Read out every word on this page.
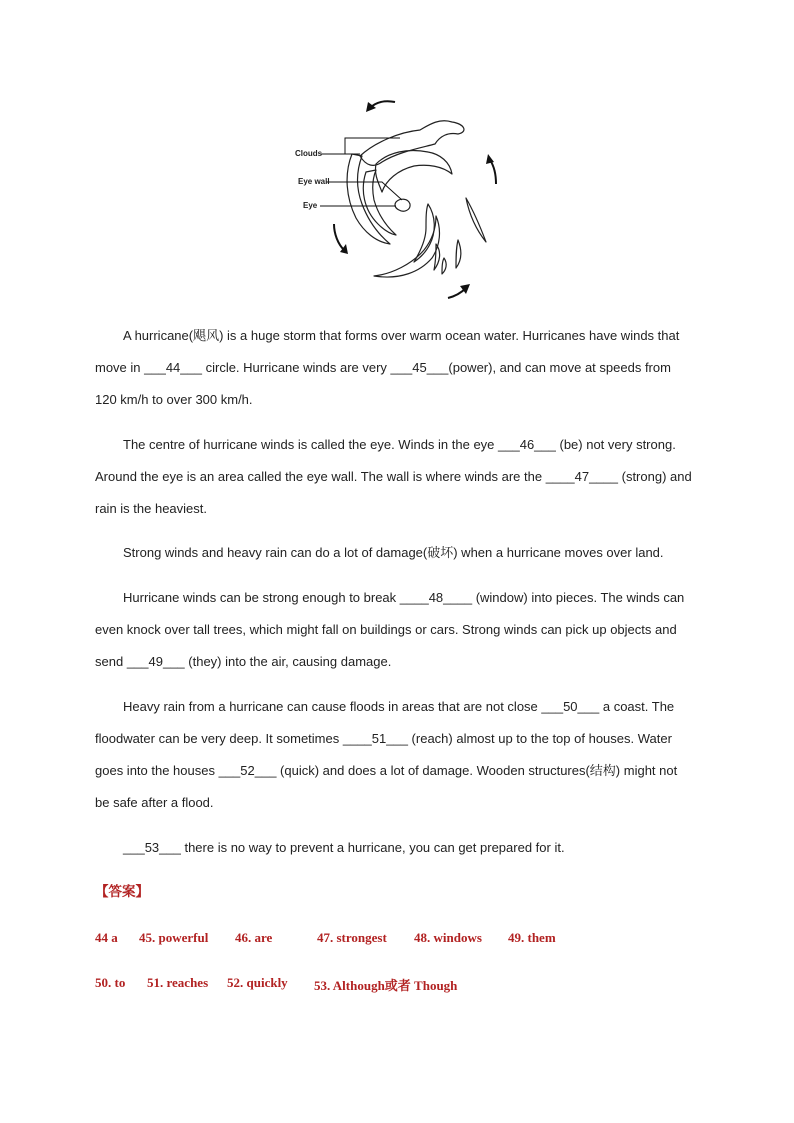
Clouds
Eye wall
Eye

A hurricane(飓风) is a huge storm that forms over warm ocean water. Hurricanes have winds that move in ___44___ circle. Hurricane winds are very ___45___(power), and can move at speeds from 120 km/h to over 300 km/h.

The centre of hurricane winds is called the eye. Winds in the eye ___46___ (be) not very strong. Around the eye is an area called the eye wall. The wall is where winds are the ____47____ (strong) and rain is the heaviest.

Strong winds and heavy rain can do a lot of damage(破坏) when a hurricane moves over land.

Hurricane winds can be strong enough to break ____48____ (window) into pieces. The winds can even knock over tall trees, which might fall on buildings or cars. Strong winds can pick up objects and send ___49___ (they) into the air, causing damage.

Heavy rain from a hurricane can cause floods in areas that are not close ___50___ a coast. The floodwater can be very deep. It sometimes ____51___ (reach) almost up to the top of houses. Water goes into the houses ___52___ (quick) and does a lot of damage. Wooden structures(结构) might not be safe after a flood.

___53___ there is no way to prevent a hurricane, you can get prepared for it.

【答案】
44 a 45. powerful 46. are	47. strongest 48. windows 49. them
50. to 51. reaches 52. quickly 53. Although或者 Though
